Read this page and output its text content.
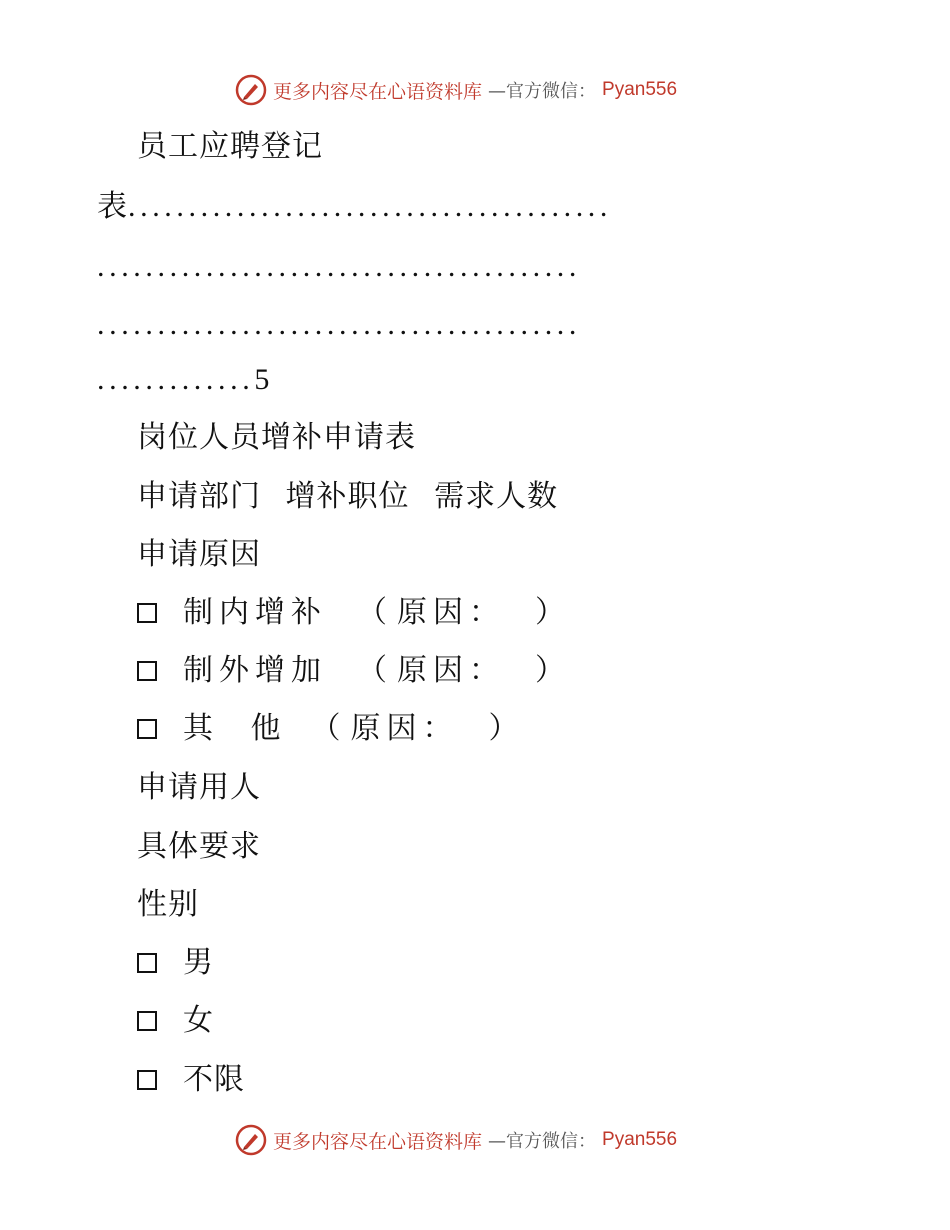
更多内容尽在心语资料库 —官方微信： Pyan556
员工应聘登记
表........................................
........................................
........................................
.............5
岗位人员增补申请表
申请部门 增补职位 需求人数
申请原因
制内增补 （ 原因： ）
制外增加 （ 原因： ）
其 他 （ 原因： ）
申请用人
具体要求
性别
男
女
不限
更多内容尽在心语资料库 —官方微信： Pyan556
